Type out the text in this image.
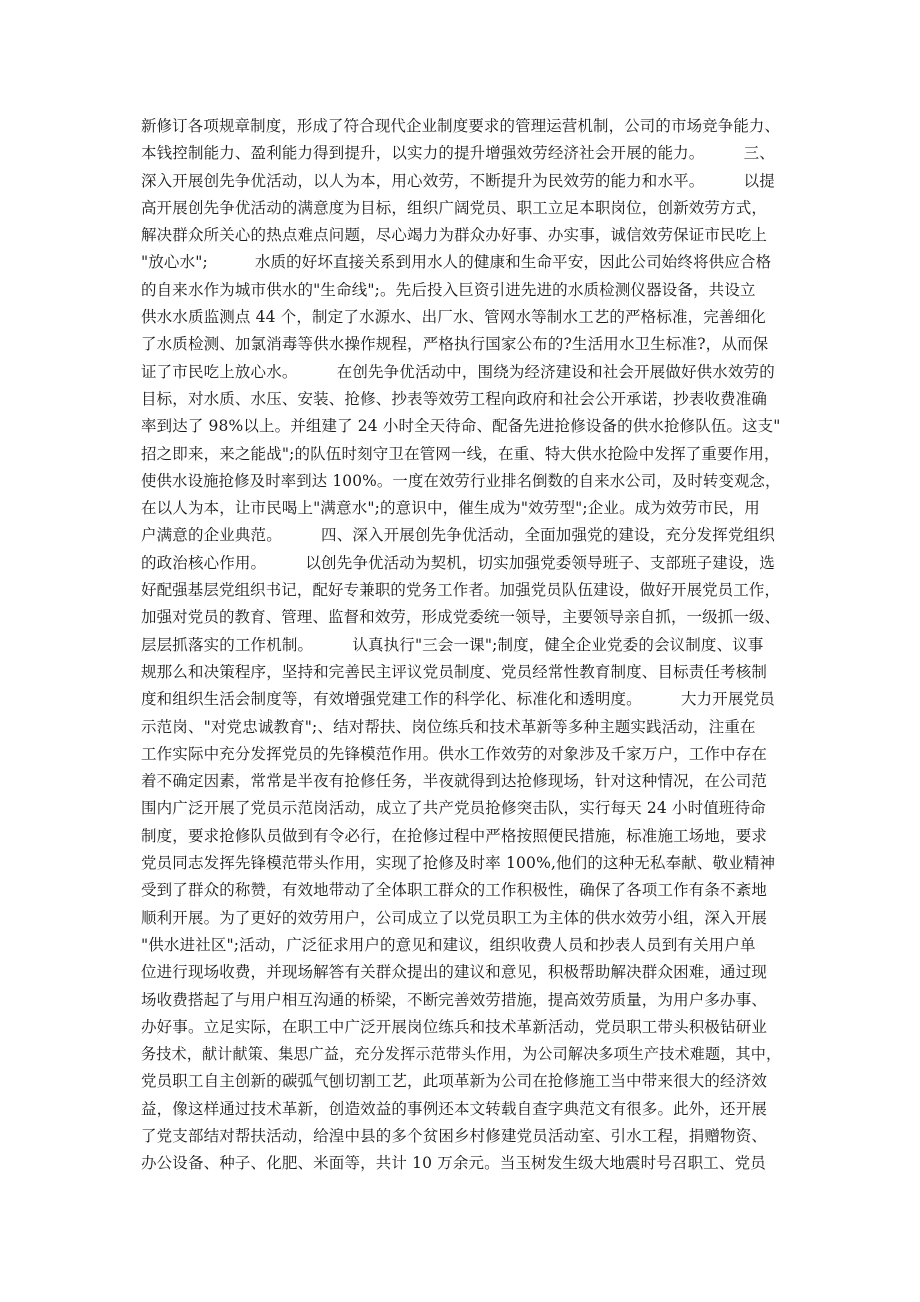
新修订各项规章制度，形成了符合现代企业制度要求的管理运营机制，公司的市场竞争能力、
本钱控制能力、盈利能力得到提升，以实力的提升增强效劳经济社会开展的能力。　　　三、
深入开展创先争优活动，以人为本，用心效劳，不断提升为民效劳的能力和水平。　　　以提
高开展创先争优活动的满意度为目标，组织广阔党员、职工立足本职岗位，创新效劳方式，
解决群众所关心的热点难点问题，尽心竭力为群众办好事、办实事，诚信效劳保证市民吃上
"放心水";　　　水质的好坏直接关系到用水人的健康和生命平安，因此公司始终将供应合格
的自来水作为城市供水的"生命线";。先后投入巨资引进先进的水质检测仪器设备，共设立
供水水质监测点 44 个，制定了水源水、出厂水、管网水等制水工艺的严格标准，完善细化
了水质检测、加氯消毒等供水操作规程，严格执行国家公布的?生活用水卫生标准?，从而保
证了市民吃上放心水。　　　在创先争优活动中，围绕为经济建设和社会开展做好供水效劳的
目标，对水质、水压、安装、抢修、抄表等效劳工程向政府和社会公开承诺，抄表收费准确
率到达了 98%以上。并组建了 24 小时全天待命、配备先进抢修设备的供水抢修队伍。这支"
招之即来，来之能战";的队伍时刻守卫在管网一线，在重、特大供水抢险中发挥了重要作用，
使供水设施抢修及时率到达 100%。一度在效劳行业排名倒数的自来水公司，及时转变观念，
在以人为本，让市民喝上"满意水";的意识中，催生成为"效劳型";企业。成为效劳市民，用
户满意的企业典范。　　　四、深入开展创先争优活动，全面加强党的建设，充分发挥党组织
的政治核心作用。　　　以创先争优活动为契机，切实加强党委领导班子、支部班子建设，选
好配强基层党组织书记，配好专兼职的党务工作者。加强党员队伍建设，做好开展党员工作，
加强对党员的教育、管理、监督和效劳，形成党委统一领导，主要领导亲自抓，一级抓一级、
层层抓落实的工作机制。　　　认真执行"三会一课";制度，健全企业党委的会议制度、议事
规那么和决策程序，坚持和完善民主评议党员制度、党员经常性教育制度、目标责任考核制
度和组织生活会制度等，有效增强党建工作的科学化、标准化和透明度。　　　大力开展党员
示范岗、"对党忠诚教育";、结对帮扶、岗位练兵和技术革新等多种主题实践活动，注重在
工作实际中充分发挥党员的先锋模范作用。供水工作效劳的对象涉及千家万户，工作中存在
着不确定因素，常常是半夜有抢修任务，半夜就得到达抢修现场，针对这种情况，在公司范
围内广泛开展了党员示范岗活动，成立了共产党员抢修突击队，实行每天 24 小时值班待命
制度，要求抢修队员做到有令必行，在抢修过程中严格按照便民措施，标准施工场地，要求
党员同志发挥先锋模范带头作用，实现了抢修及时率 100%,他们的这种无私奉献、敬业精神
受到了群众的称赞，有效地带动了全体职工群众的工作积极性，确保了各项工作有条不紊地
顺利开展。为了更好的效劳用户，公司成立了以党员职工为主体的供水效劳小组，深入开展
"供水进社区";活动，广泛征求用户的意见和建议，组织收费人员和抄表人员到有关用户单
位进行现场收费，并现场解答有关群众提出的建议和意见，积极帮助解决群众困难，通过现
场收费搭起了与用户相互沟通的桥梁，不断完善效劳措施，提高效劳质量，为用户多办事、
办好事。立足实际，在职工中广泛开展岗位练兵和技术革新活动，党员职工带头积极钻研业
务技术，献计献策、集思广益，充分发挥示范带头作用，为公司解决多项生产技术难题，其中，
党员职工自主创新的碳弧气刨切割工艺，此项革新为公司在抢修施工当中带来很大的经济效
益，像这样通过技术革新，创造效益的事例还本文转载自查字典范文有很多。此外，还开展
了党支部结对帮扶活动，给湟中县的多个贫困乡村修建党员活动室、引水工程，捐赠物资、
办公设备、种子、化肥、米面等，共计 10 万余元。当玉树发生级大地震时号召职工、党员
